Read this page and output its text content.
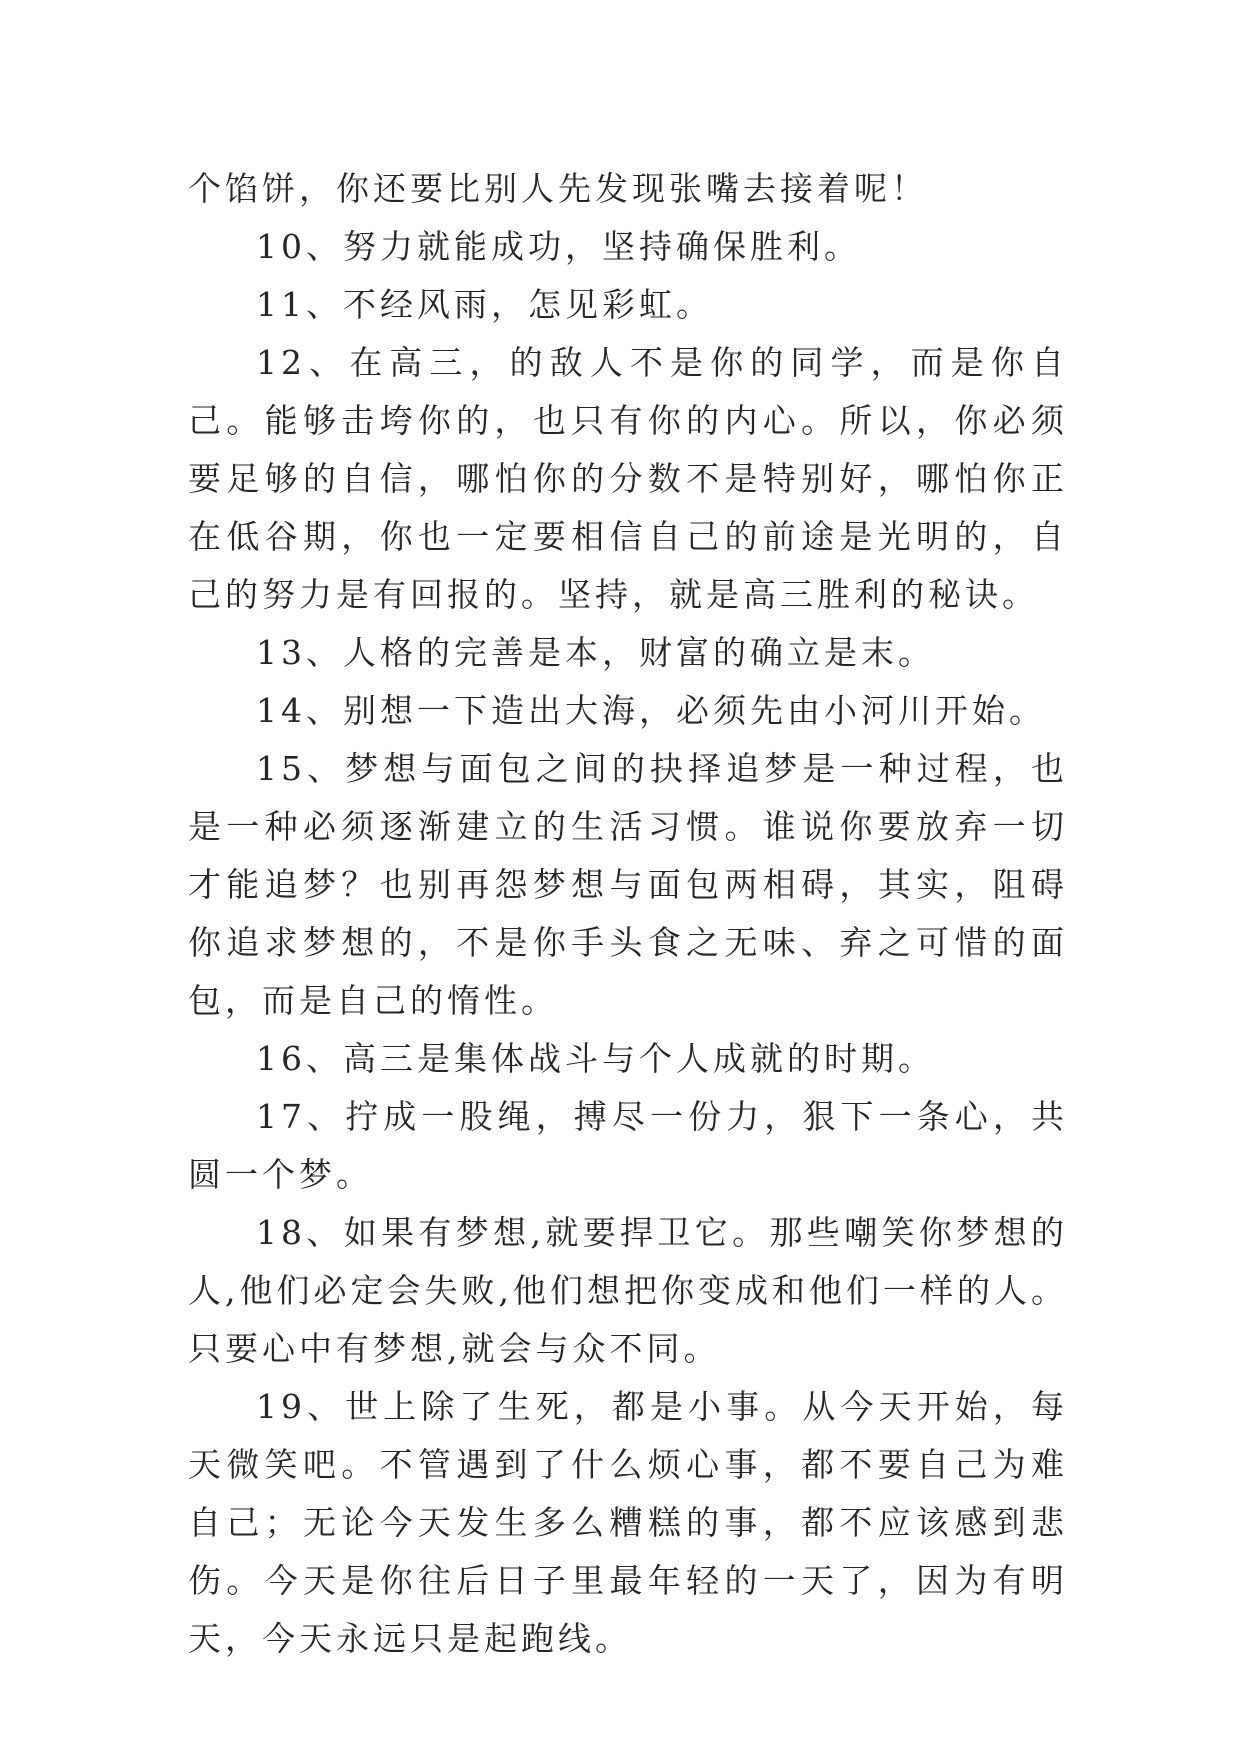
个馅饼，你还要比别人先发现张嘴去接着呢！

10、努力就能成功，坚持确保胜利。

11、不经风雨，怎见彩虹。

12、在高三，的敌人不是你的同学，而是你自己。能够击垮你的，也只有你的内心。所以，你必须要足够的自信，哪怕你的分数不是特别好，哪怕你正在低谷期，你也一定要相信自己的前途是光明的，自己的努力是有回报的。坚持，就是高三胜利的秘诀。

13、人格的完善是本，财富的确立是末。

14、别想一下造出大海，必须先由小河川开始。

15、梦想与面包之间的抉择追梦是一种过程，也是一种必须逐渐建立的生活习惯。谁说你要放弃一切才能追梦？也别再怨梦想与面包两相碍，其实，阻碍你追求梦想的，不是你手头食之无味、弃之可惜的面包，而是自己的惰性。

16、高三是集体战斗与个人成就的时期。

17、拧成一股绳，搏尽一份力，狠下一条心，共圆一个梦。

18、如果有梦想,就要捍卫它。那些嘲笑你梦想的人,他们必定会失败,他们想把你变成和他们一样的人。只要心中有梦想,就会与众不同。

19、世上除了生死，都是小事。从今天开始，每天微笑吧。不管遇到了什么烦心事，都不要自己为难自己；无论今天发生多么糟糕的事，都不应该感到悲伤。今天是你往后日子里最年轻的一天了，因为有明天，今天永远只是起跑线。
